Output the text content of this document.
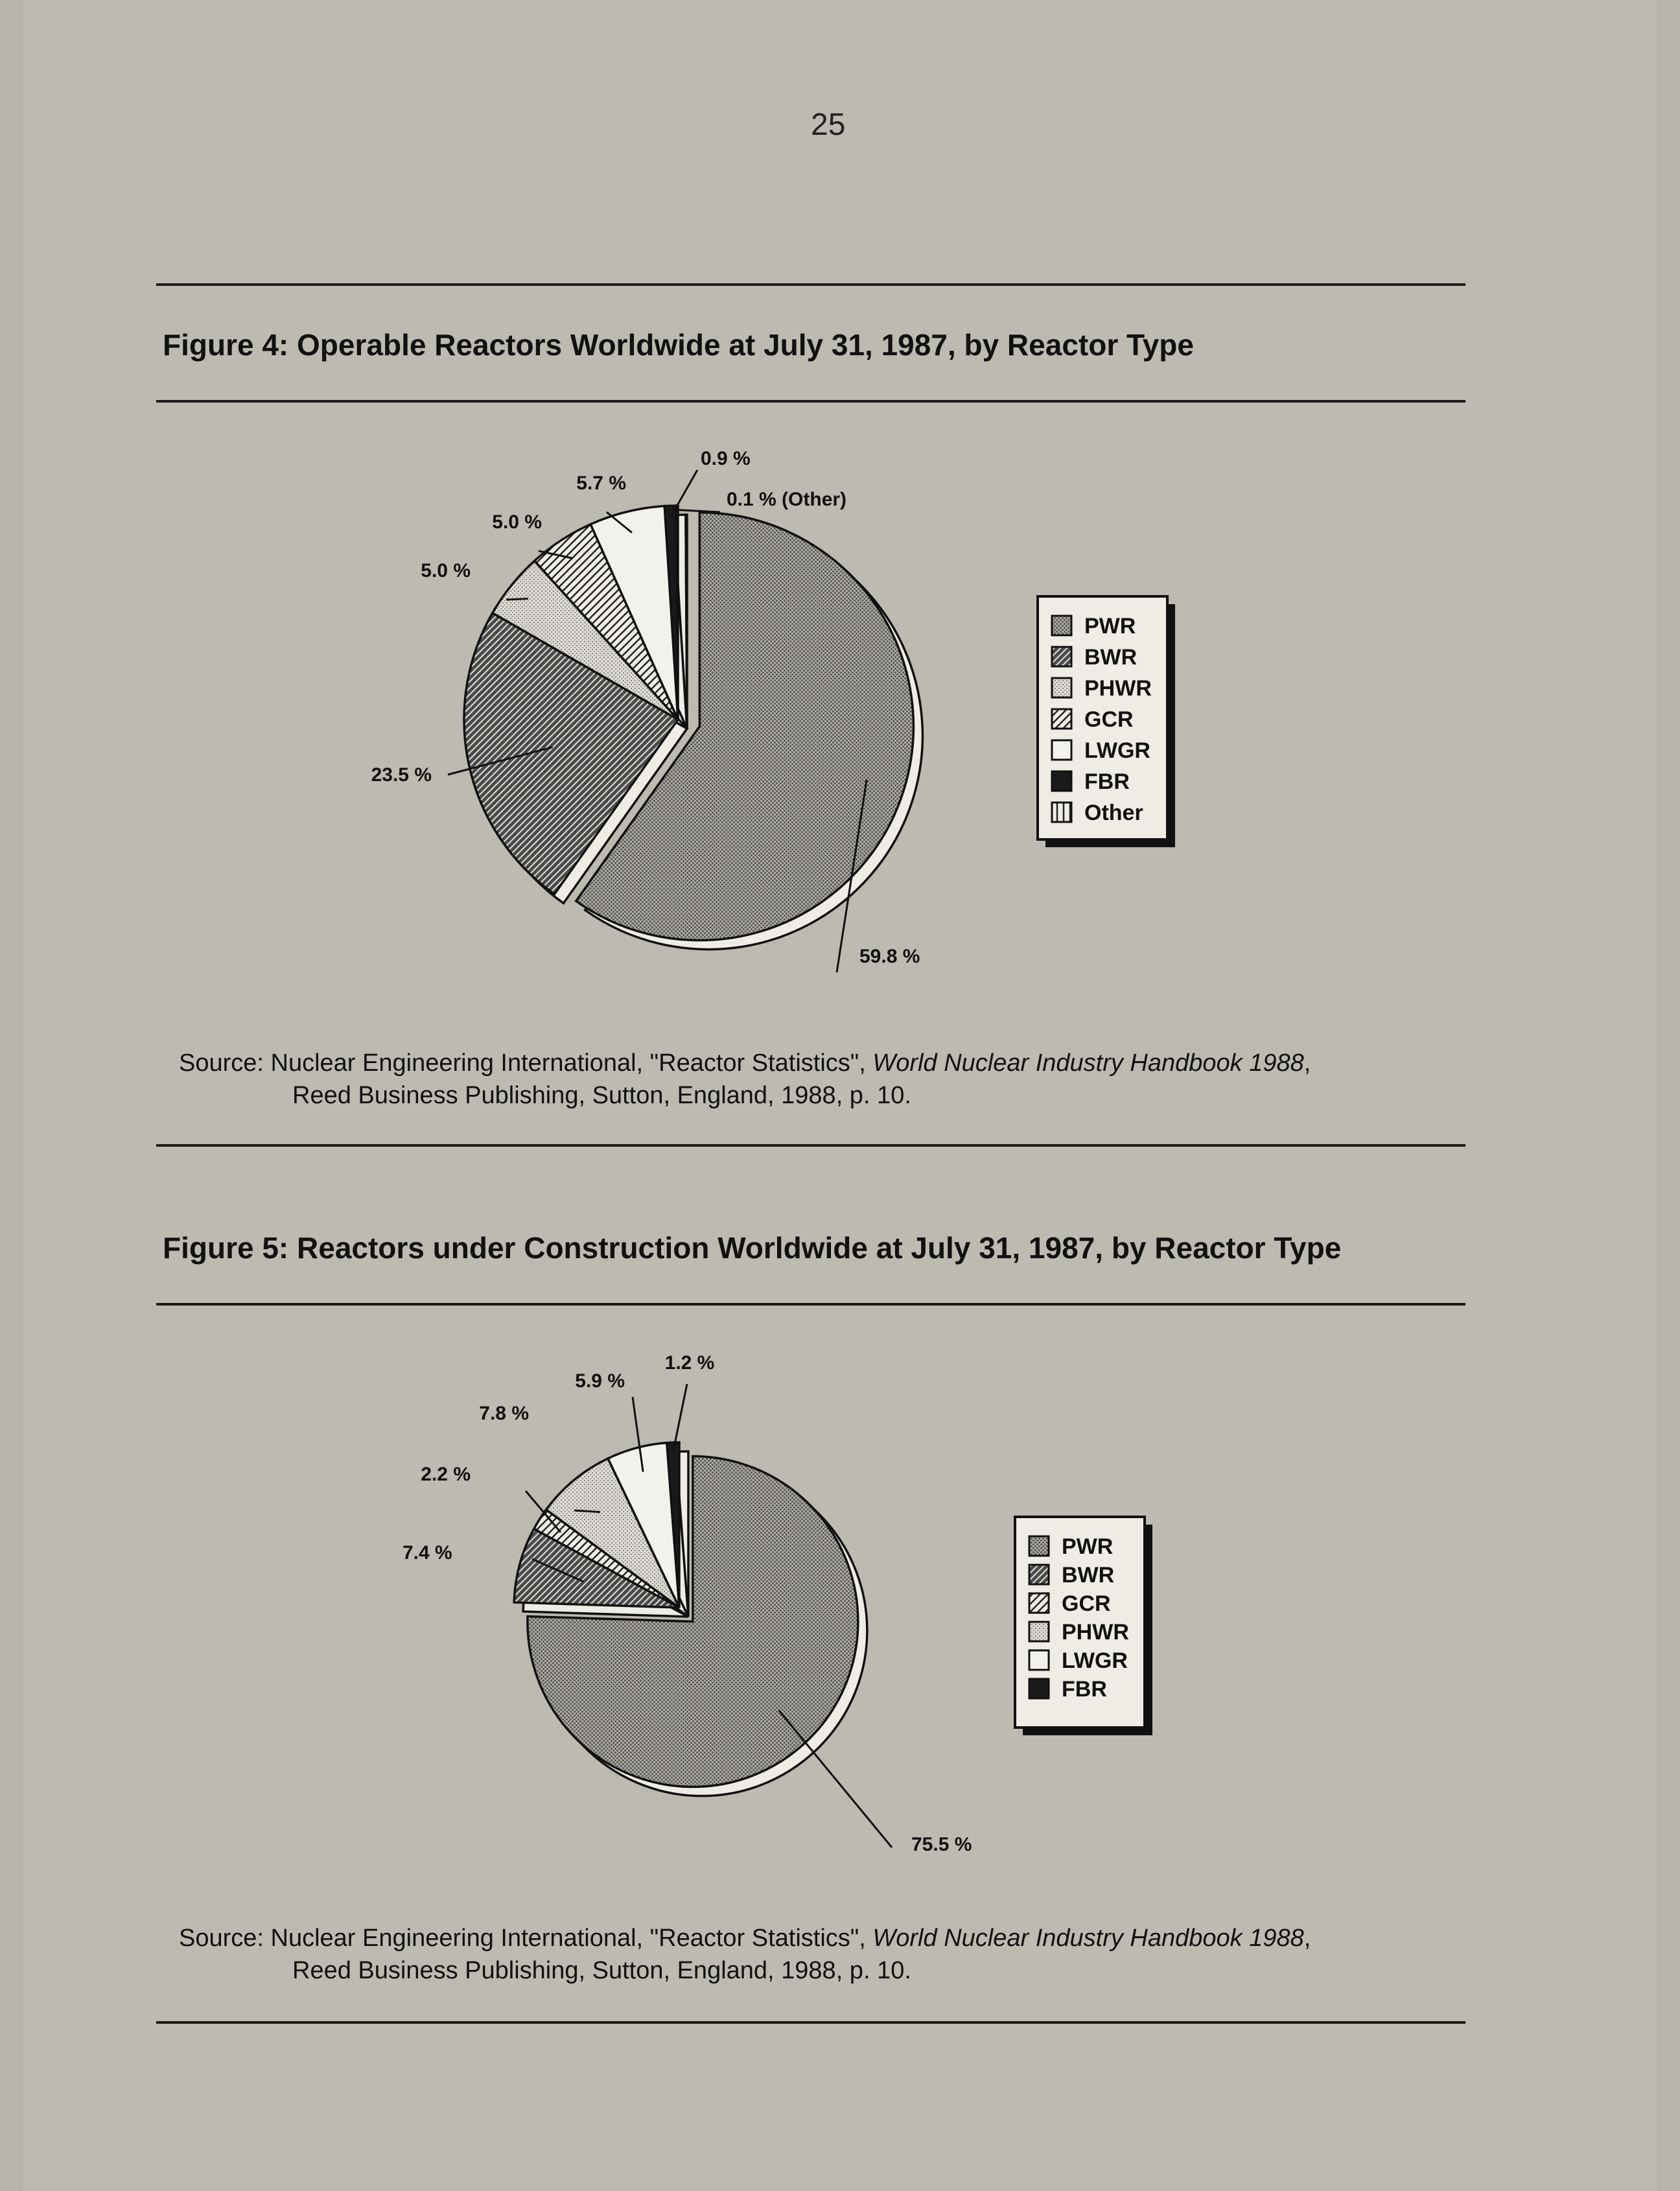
25
Figure 4: Operable Reactors Worldwide at July 31, 1987, by Reactor Type
59.8 %
23.5 %
5.0 %
5.0 %
5.7 %
0.9 %
0.1 % (Other)
PWR
BWR
PHWR
GCR
LWGR
FBR
Other
Source: Nuclear Engineering International, "Reactor Statistics", World Nuclear Industry Handbook 1988,
Reed Business Publishing, Sutton, England, 1988, p. 10.
Figure 5: Reactors under Construction Worldwide at July 31, 1987, by Reactor Type
75.5 %
7.4 %
2.2 %
7.8 %
5.9 %
1.2 %
PWR
BWR
GCR
PHWR
LWGR
FBR
Source: Nuclear Engineering International, "Reactor Statistics", World Nuclear Industry Handbook 1988,
Reed Business Publishing, Sutton, England, 1988, p. 10.
